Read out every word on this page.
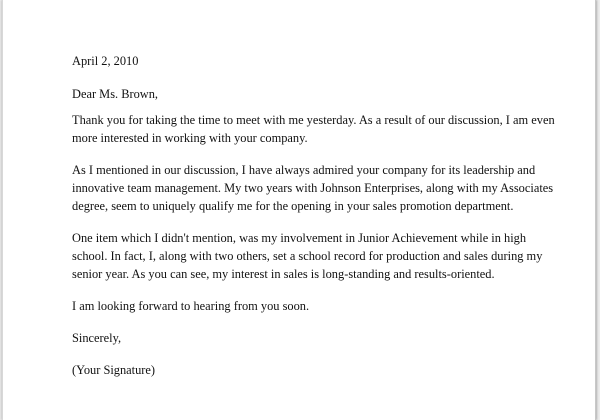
April 2, 2010

Dear Ms. Brown,

Thank you for taking the time to meet with me yesterday. As a result of our discussion, I am even
more interested in working with your company.

As I mentioned in our discussion, I have always admired your company for its leadership and
innovative team management. My two years with Johnson Enterprises, along with my Associates
degree, seem to uniquely qualify me for the opening in your sales promotion department.

One item which I didn't mention, was my involvement in Junior Achievement while in high
school. In fact, I, along with two others, set a school record for production and sales during my
senior year. As you can see, my interest in sales is long-standing and results-oriented.

I am looking forward to hearing from you soon.

Sincerely,

(Your Signature)
